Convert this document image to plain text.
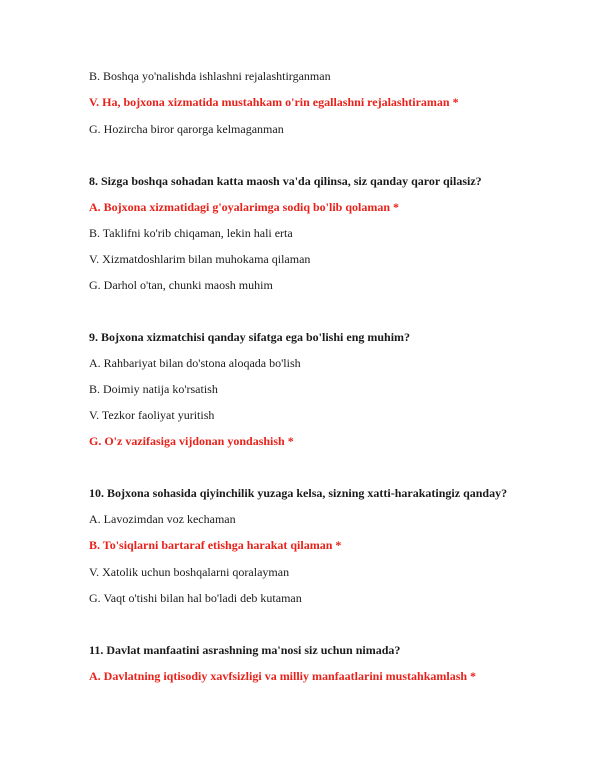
B. Boshqa yo'nalishda ishlashni rejalashtirganman
V. Ha, bojxona xizmatida mustahkam o'rin egallashni rejalashtiraman *
G. Hozircha biror qarorga kelmaganman
8. Sizga boshqa sohadan katta maosh va'da qilinsa, siz qanday qaror qilasiz?
A. Bojxona xizmatidagi g'oyalarimga sodiq bo'lib qolaman *
B. Taklifni ko'rib chiqaman, lekin hali erta
V. Xizmatdoshlarim bilan muhokama qilaman
G. Darhol o'tan, chunki maosh muhim
9. Bojxona xizmatchisi qanday sifatga ega bo'lishi eng muhim?
A. Rahbariyat bilan do'stona aloqada bo'lish
B. Doimiy natija ko'rsatish
V. Tezkor faoliyat yuritish
G. O'z vazifasiga vijdonan yondashish *
10. Bojxona sohasida qiyinchilik yuzaga kelsa, sizning xatti-harakatingiz qanday?
A. Lavozimdan voz kechaman
B. To'siqlarni bartaraf etishga harakat qilaman *
V. Xatolik uchun boshqalarni qoralayman
G. Vaqt o'tishi bilan hal bo'ladi deb kutaman
11. Davlat manfaatini asrashning ma'nosi siz uchun nimada?
A. Davlatning iqtisodiy xavfsizligi va milliy manfaatlarini mustahkamlash *
